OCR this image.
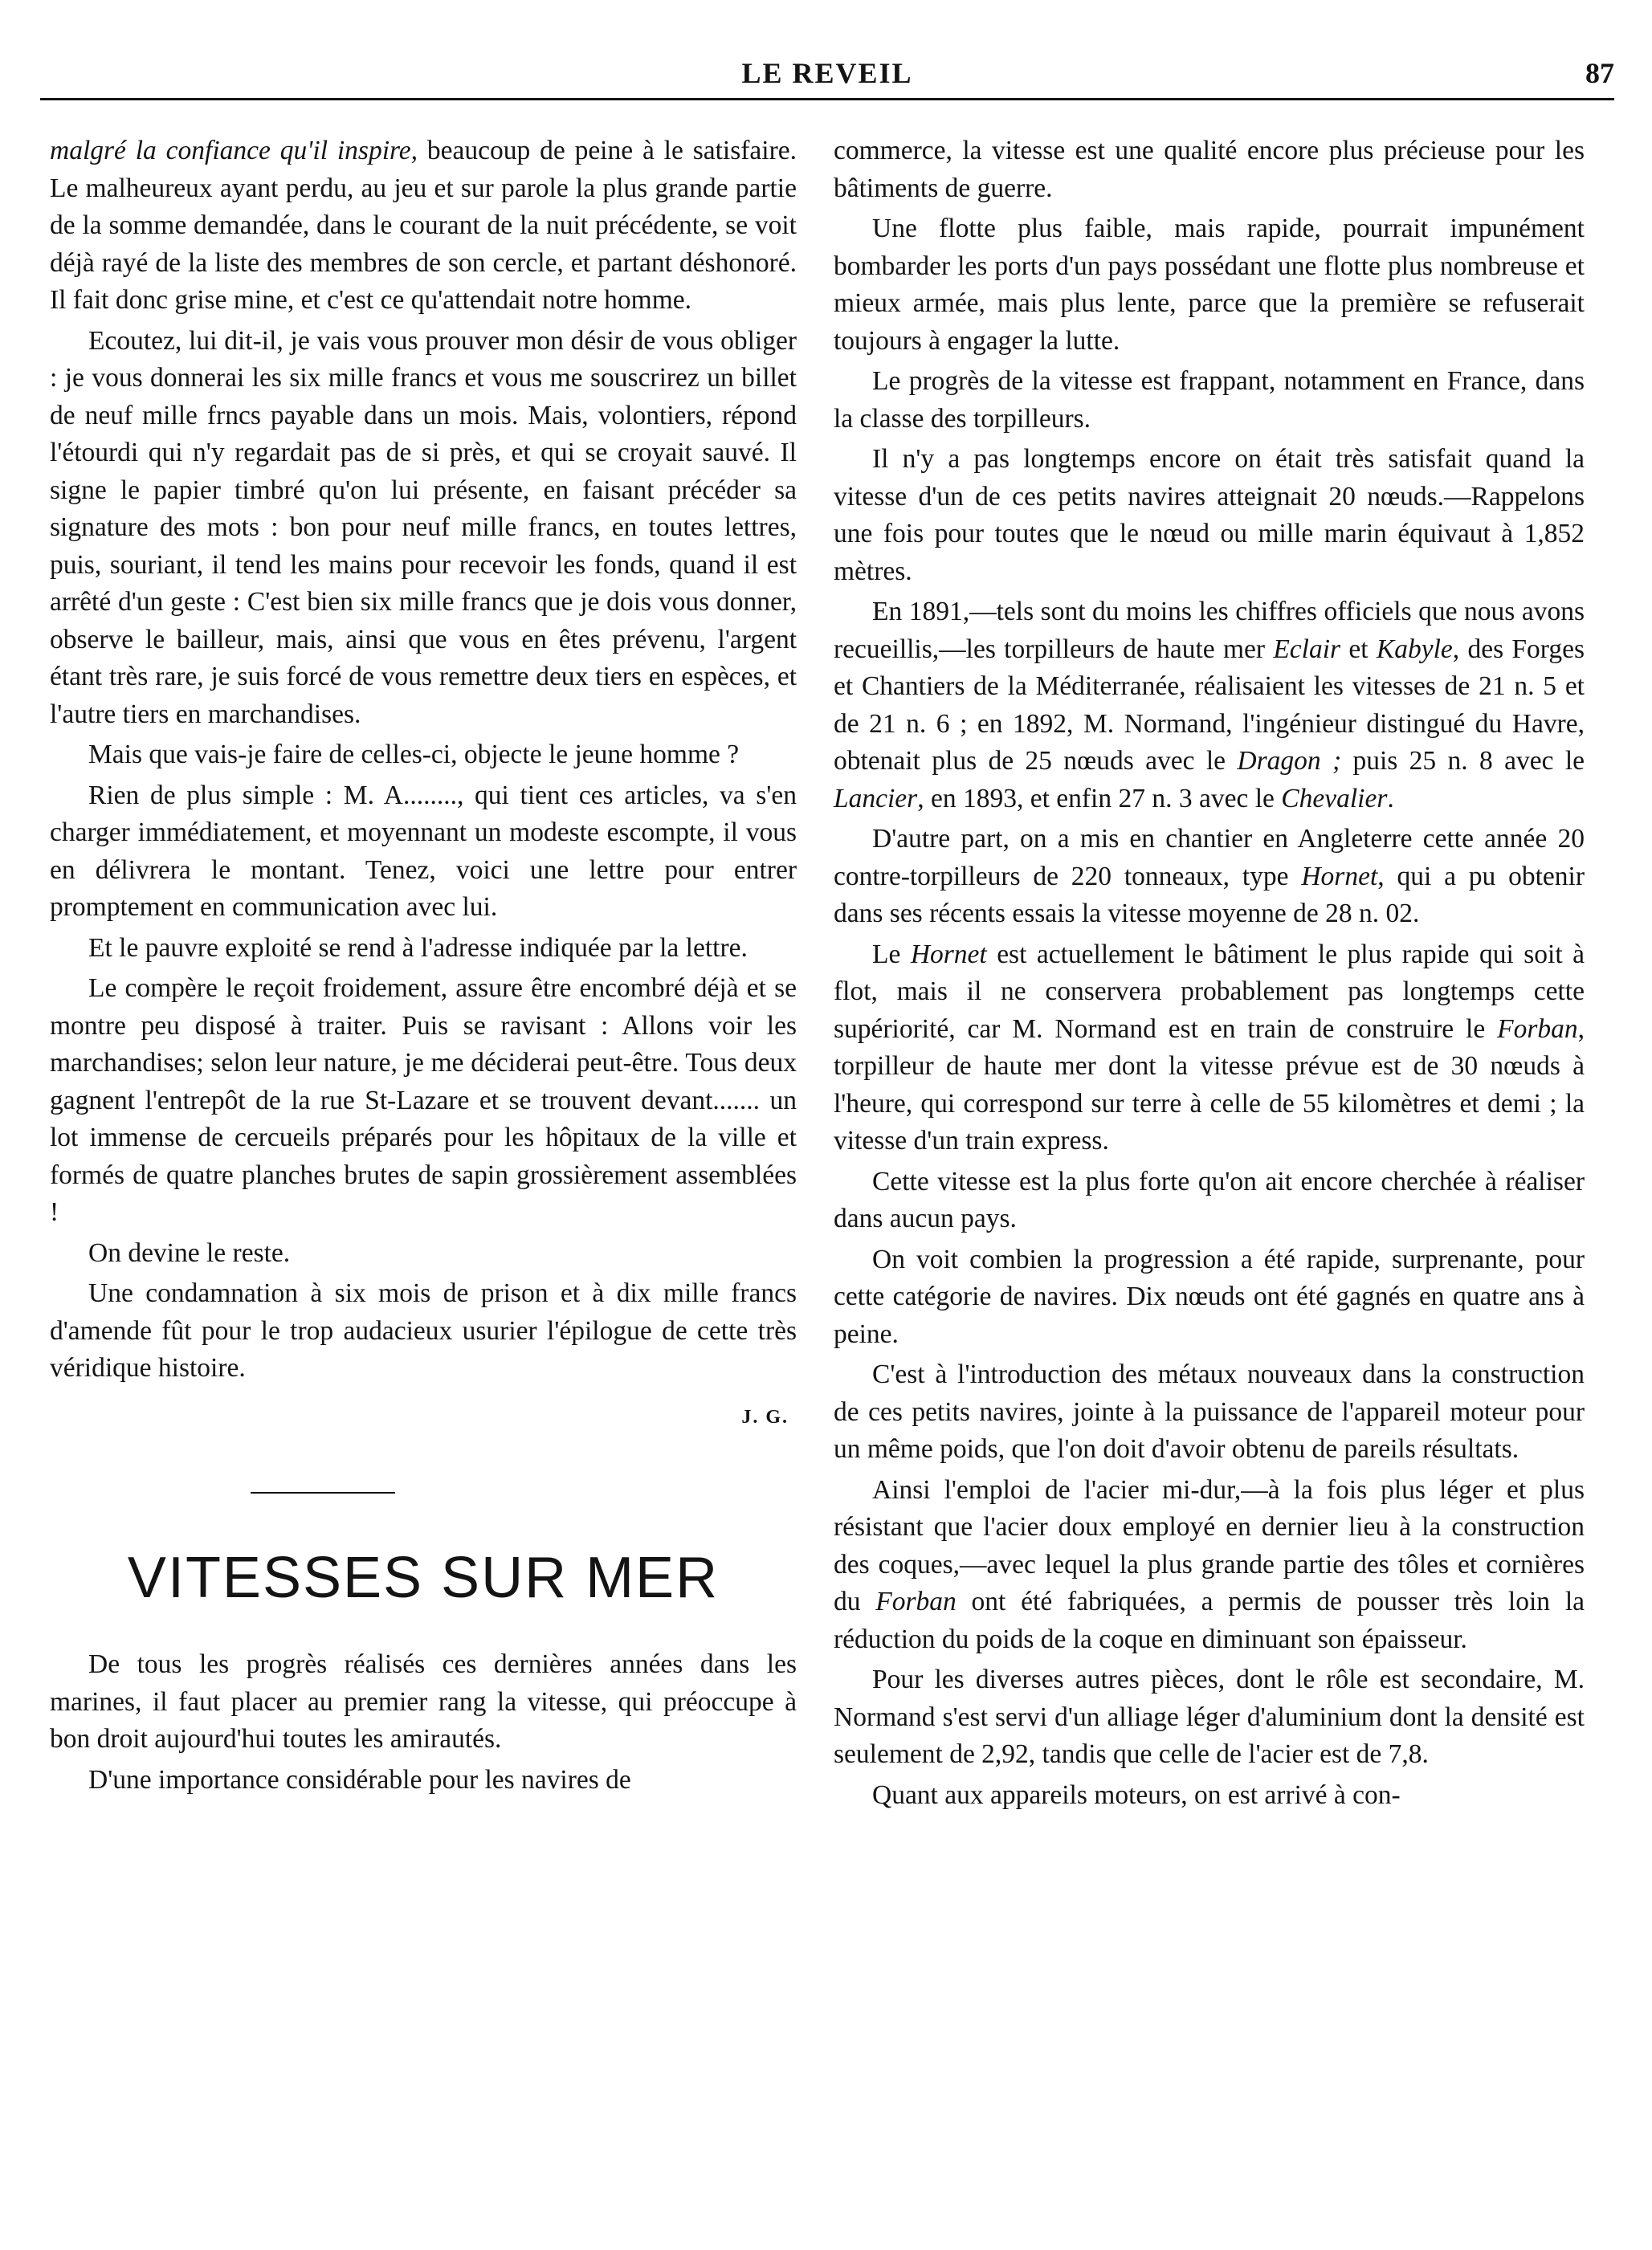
LE REVEIL	87

malgré la confiance qu'il inspire, beaucoup de peine à le satisfaire. Le malheureux ayant perdu, au jeu et sur parole la plus grande partie de la somme demandée, dans le courant de la nuit précédente, se voit déjà rayé de la liste des membres de son cercle, et partant déshonoré. Il fait donc grise mine, et c'est ce qu'attendait notre homme.

Ecoutez, lui dit-il, je vais vous prouver mon désir de vous obliger : je vous donnerai les six mille francs et vous me souscrirez un billet de neuf mille frncs payable dans un mois. Mais, volontiers, répond l'étourdi qui n'y regardait pas de si près, et qui se croyait sauvé. Il signe le papier timbré qu'on lui présente, en faisant précéder sa signature des mots : bon pour neuf mille francs, en toutes lettres, puis, souriant, il tend les mains pour recevoir les fonds, quand il est arrêté d'un geste : C'est bien six mille francs que je dois vous donner, observe le bailleur, mais, ainsi que vous en êtes prévenu, l'argent étant très rare, je suis forcé de vous remettre deux tiers en espèces, et l'autre tiers en marchandises.

Mais que vais-je faire de celles-ci, objecte le jeune homme ?

Rien de plus simple : M. A........, qui tient ces articles, va s'en charger immédiatement, et moyennant un modeste escompte, il vous en délivrera le montant. Tenez, voici une lettre pour entrer promptement en communication avec lui.

Et le pauvre exploité se rend à l'adresse indiquée par la lettre.

Le compère le reçoit froidement, assure être encombré déjà et se montre peu disposé à traiter. Puis se ravisant : Allons voir les marchandises; selon leur nature, je me déciderai peut-être. Tous deux gagnent l'entrepôt de la rue St-Lazare et se trouvent devant....... un lot immense de cercueils préparés pour les hôpitaux de la ville et formés de quatre planches brutes de sapin grossièrement assemblées !

On devine le reste.

Une condamnation à six mois de prison et à dix mille francs d'amende fût pour le trop audacieux usurier l'épilogue de cette très véridique histoire.

J. G.
VITESSES SUR MER

De tous les progrès réalisés ces dernières années dans les marines, il faut placer au premier rang la vitesse, qui préoccupe à bon droit aujourd'hui toutes les amirautés.

D'une importance considérable pour les navires de

commerce, la vitesse est une qualité encore plus précieuse pour les bâtiments de guerre.

Une flotte plus faible, mais rapide, pourrait impunément bombarder les ports d'un pays possédant une flotte plus nombreuse et mieux armée, mais plus lente, parce que la première se refuserait toujours à engager la lutte.

Le progrès de la vitesse est frappant, notamment en France, dans la classe des torpilleurs.

Il n'y a pas longtemps encore on était très satisfait quand la vitesse d'un de ces petits navires atteignait 20 nœuds.—Rappelons une fois pour toutes que le nœud ou mille marin équivaut à 1,852 mètres.

En 1891,—tels sont du moins les chiffres officiels que nous avons recueillis,—les torpilleurs de haute mer Eclair et Kabyle, des Forges et Chantiers de la Méditerranée, réalisaient les vitesses de 21 n. 5 et de 21 n. 6 ; en 1892, M. Normand, l'ingénieur distingué du Havre, obtenait plus de 25 nœuds avec le Dragon ; puis 25 n. 8 avec le Lancier, en 1893, et enfin 27 n. 3 avec le Chevalier.

D'autre part, on a mis en chantier en Angleterre cette année 20 contre-torpilleurs de 220 tonneaux, type Hornet, qui a pu obtenir dans ses récents essais la vitesse moyenne de 28 n. 02.

Le Hornet est actuellement le bâtiment le plus rapide qui soit à flot, mais il ne conservera probablement pas longtemps cette supériorité, car M. Normand est en train de construire le Forban, torpilleur de haute mer dont la vitesse prévue est de 30 nœuds à l'heure, qui correspond sur terre à celle de 55 kilomètres et demi ; la vitesse d'un train express.

Cette vitesse est la plus forte qu'on ait encore cherchée à réaliser dans aucun pays.

On voit combien la progression a été rapide, surprenante, pour cette catégorie de navires. Dix nœuds ont été gagnés en quatre ans à peine.

C'est à l'introduction des métaux nouveaux dans la construction de ces petits navires, jointe à la puissance de l'appareil moteur pour un même poids, que l'on doit d'avoir obtenu de pareils résultats.

Ainsi l'emploi de l'acier mi-dur,—à la fois plus léger et plus résistant que l'acier doux employé en dernier lieu à la construction des coques,—avec lequel la plus grande partie des tôles et cornières du Forban ont été fabriquées, a permis de pousser très loin la réduction du poids de la coque en diminuant son épaisseur.

Pour les diverses autres pièces, dont le rôle est secondaire, M. Normand s'est servi d'un alliage léger d'aluminium dont la densité est seulement de 2,92, tandis que celle de l'acier est de 7,8.

Quant aux appareils moteurs, on est arrivé à con-
